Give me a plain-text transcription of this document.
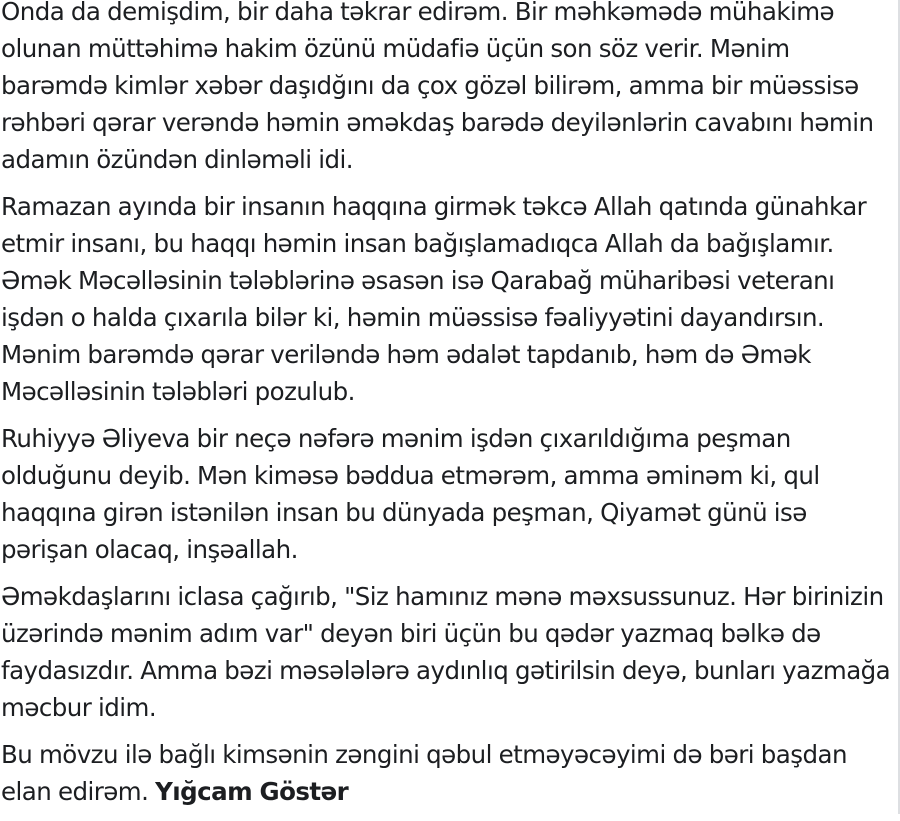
Onda da demişdim, bir daha təkrar edirəm. Bir məhkəmədə mühakimə olunan müttəhimə hakim özünü müdafiə üçün son söz verir. Mənim barəmdə kimlər xəbər daşıdğını da çox gözəl bilirəm, amma bir müəssisə rəhbəri qərar verəndə həmin əməkdaş barədə deyilənlərin cavabını həmin adamın özündən dinləməli idi.

Ramazan ayında bir insanın haqqına girmək təkcə Allah qatında günahkar etmir insanı, bu haqqı həmin insan bağışlamadıqca Allah da bağışlamır. Əmək Məcəlləsinin tələblərinə əsasən isə Qarabağ müharibəsi veteranı işdən o halda çıxarıla bilər ki, həmin müəssisə fəaliyyətini dayandırsın. Mənim barəmdə qərar veriləndə həm ədalət tapdanıb, həm də Əmək Məcəlləsinin tələbləri pozulub.

Ruhiyyə Əliyeva bir neçə nəfərə mənim işdən çıxarıldığıma peşman olduğunu deyib. Mən kiməsə bəddua etmərəm, amma əminəm ki, qul haqqına girən istənilən insan bu dünyada peşman, Qiyamət günü isə pərişan olacaq, inşəallah.

Əməkdaşlarını iclasa çağırıb, "Siz hamınız mənə məxsussunuz. Hər birinizin üzərində mənim adım var" deyən biri üçün bu qədər yazmaq bəlkə də faydasızdır. Amma bəzi məsələlərə aydınlıq gətirilsin deyə, bunları yazmağa məcbur idim.

Bu mövzu ilə bağlı kimsənin zəngini qəbul etməyəcəyimi də bəri başdan elan edirəm. Yığcam Göstər
